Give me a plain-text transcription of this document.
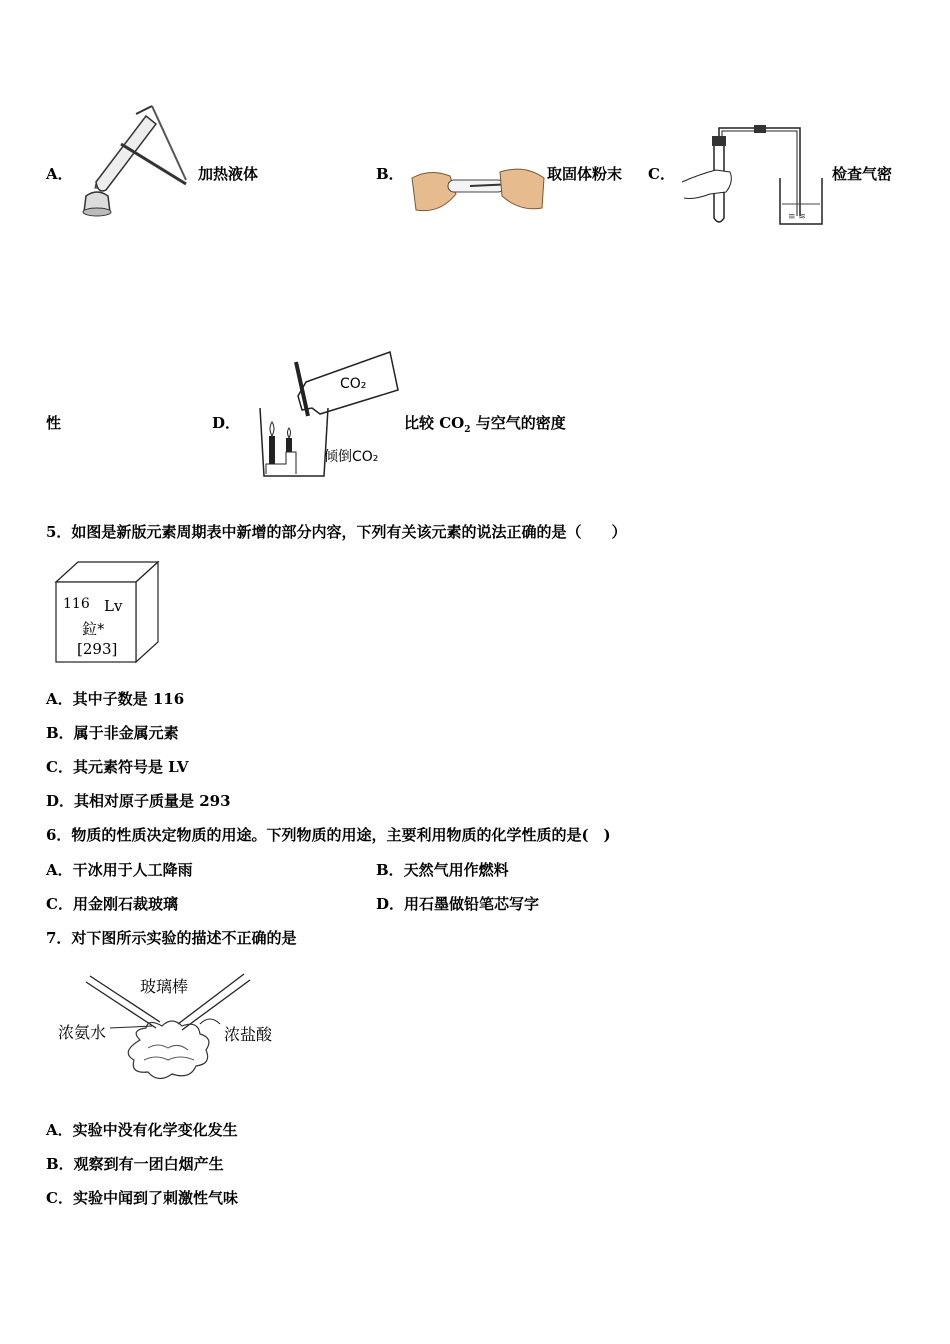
A．	加热液体	B．	取固体粉末 C．
≡ ≋
检查气密
性	D．
CO₂
倾倒CO₂
比较 $CO_2$ 与空气的密度
5．如图是新版元素周期表中新增的部分内容，下列有关该元素的说法正确的是（　　）
116 Lv
鉝*
[293]
A．其中子数是 116
B．属于非金属元素
C．其元素符号是 LV
D．其相对原子质量是 293
6．物质的性质决定物质的用途。下列物质的用途，主要利用物质的化学性质的是(　)
A．干冰用于人工降雨	B．天然气用作燃料
C．用金刚石裁玻璃	D．用石墨做铅笔芯写字
7．对下图所示实验的描述不正确的是
玻璃棒
浓氨水	浓盐酸
A．实验中没有化学变化发生
B．观察到有一团白烟产生
C．实验中闻到了刺激性气味
